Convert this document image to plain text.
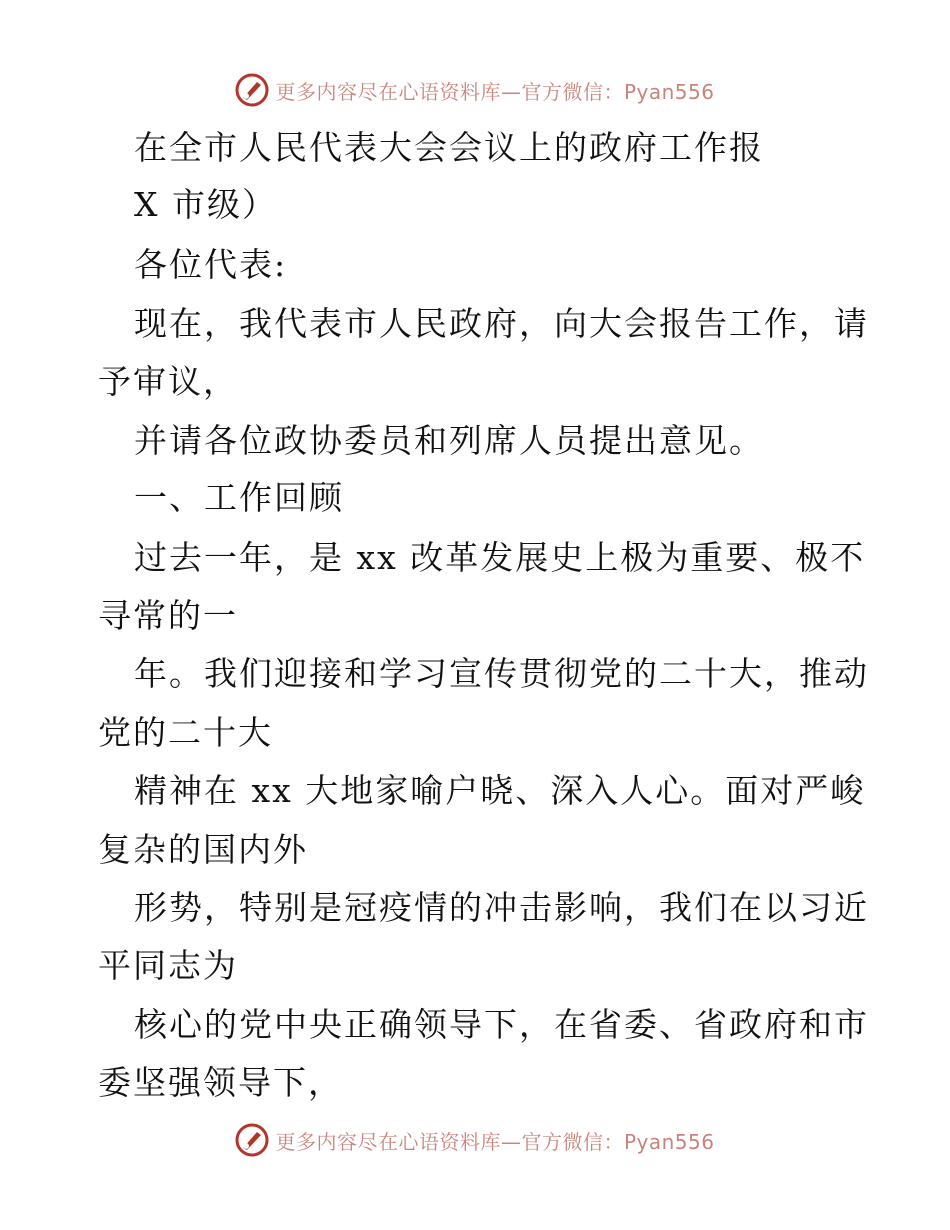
更多内容尽在心语资料库—官方微信：Pyan556
在全市人民代表大会会议上的政府工作报
X 市级）
各位代表:
现在，我代表市人民政府，向大会报告工作，请
予审议，
并请各位政协委员和列席人员提出意见。
一、工作回顾
过去一年，是 xx 改革发展史上极为重要、极不
寻常的一
年。我们迎接和学习宣传贯彻党的二十大，推动
党的二十大
精神在 xx 大地家喻户晓、深入人心。面对严峻
复杂的国内外
形势，特别是冠疫情的冲击影响，我们在以习近
平同志为
核心的党中央正确领导下，在省委、省政府和市
委坚强领导下，
更多内容尽在心语资料库—官方微信：Pyan556
